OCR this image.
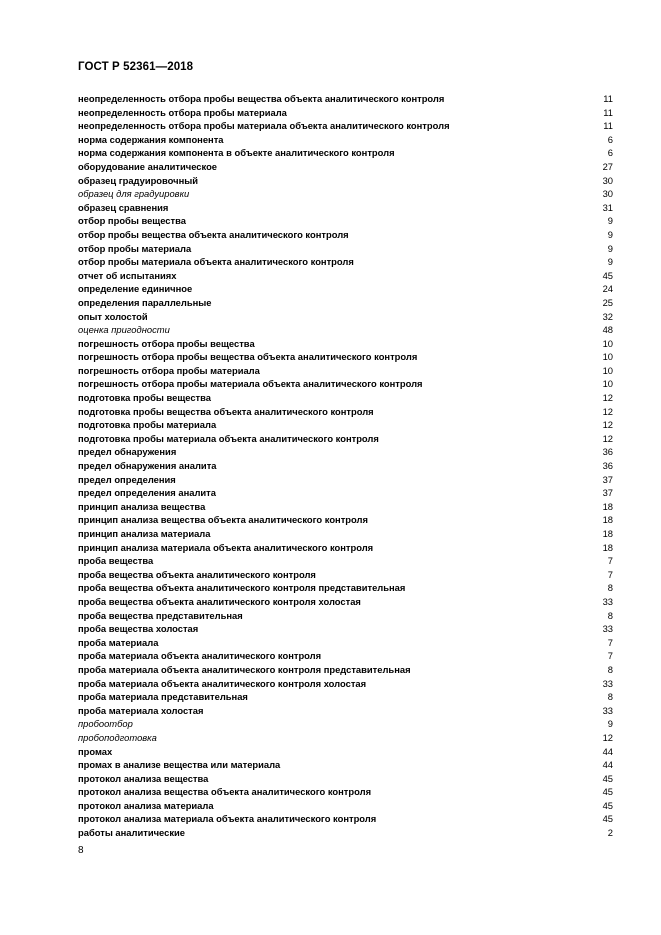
ГОСТ Р 52361—2018
неопределенность отбора пробы вещества объекта аналитического контроля	11
неопределенность отбора пробы материала	11
неопределенность отбора пробы материала объекта аналитического контроля	11
норма содержания компонента	6
норма содержания компонента в объекте аналитического контроля	6
оборудование аналитическое	27
образец градуировочный	30
образец для градуировки	30
образец сравнения	31
отбор пробы вещества	9
отбор пробы вещества объекта аналитического контроля	9
отбор пробы материала	9
отбор пробы материала объекта аналитического контроля	9
отчет об испытаниях	45
определение единичное	24
определения параллельные	25
опыт холостой	32
оценка пригодности	48
погрешность отбора пробы вещества	10
погрешность отбора пробы вещества объекта аналитического контроля	10
погрешность отбора пробы материала	10
погрешность отбора пробы материала объекта аналитического контроля	10
подготовка пробы вещества	12
подготовка пробы вещества объекта аналитического контроля	12
подготовка пробы материала	12
подготовка пробы материала объекта аналитического контроля	12
предел обнаружения	36
предел обнаружения аналита	36
предел определения	37
предел определения аналита	37
принцип анализа вещества	18
принцип анализа вещества объекта аналитического контроля	18
принцип анализа материала	18
принцип анализа материала объекта аналитического контроля	18
проба вещества	7
проба вещества объекта аналитического контроля	7
проба вещества объекта аналитического контроля представительная	8
проба вещества объекта аналитического контроля холостая	33
проба вещества представительная	8
проба вещества холостая	33
проба материала	7
проба материала объекта аналитического контроля	7
проба материала объекта аналитического контроля представительная	8
проба материала объекта аналитического контроля холостая	33
проба материала представительная	8
проба материала холостая	33
пробоотбор	9
пробоподготовка	12
промах	44
промах в анализе вещества или материала	44
протокол анализа вещества	45
протокол анализа вещества объекта аналитического контроля	45
протокол анализа материала	45
протокол анализа материала объекта аналитического контроля	45
работы аналитические	2
8
